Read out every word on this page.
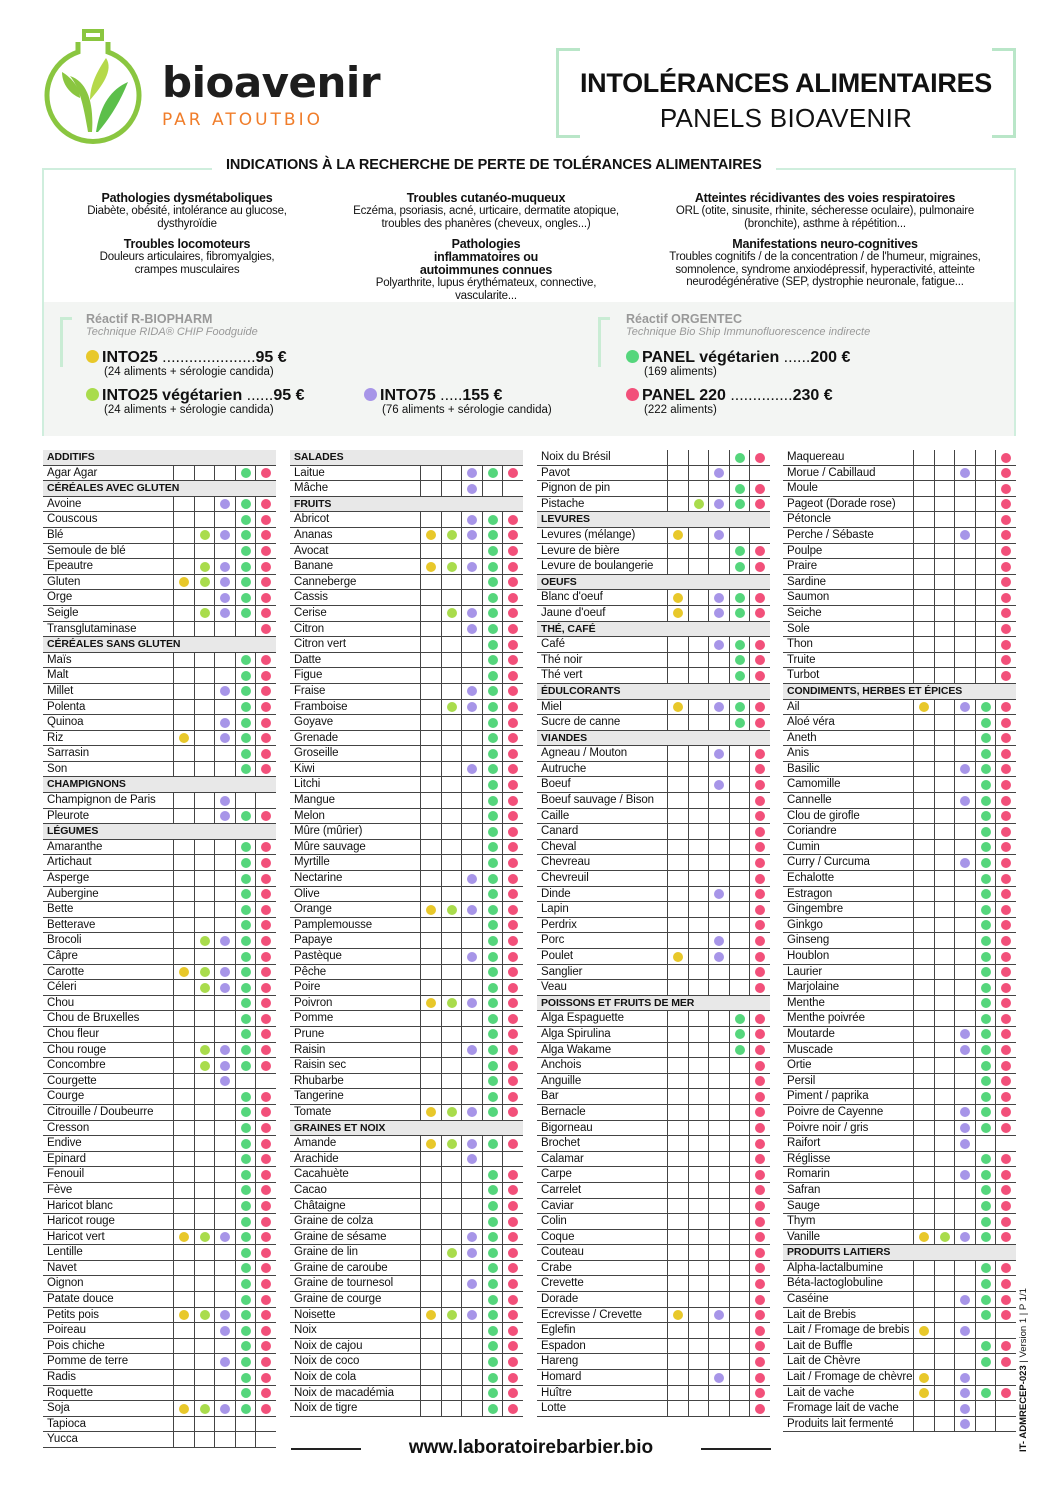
bioavenir
PAR ATOUTBIO
INTOLÉRANCES ALIMENTAIRES
PANELS BIOAVENIR
INDICATIONS À LA RECHERCHE DE PERTE DE TOLÉRANCES ALIMENTAIRES
Pathologies dysmétaboliques
Diabète, obésité, intolérance au glucose, dysthyroïdie
Troubles locomoteurs
Douleurs articulaires, fibromyalgies, crampes musculaires
Troubles cutanéo-muqueux
Eczéma, psoriasis, acné, urticaire, dermatite atopique, troubles des phanères (cheveux, ongles...)
Pathologies inflammatoires ou autoimmunes connues
Polyarthrite, lupus érythémateux, connective, vascularite...
Atteintes récidivantes des voies respiratoires
ORL (otite, sinusite, rhinite, sécheresse oculaire), pulmonaire (bronchite), asthme à répétition...
Manifestations neuro-cognitives
Troubles cognitifs / de la concentration / de l'humeur, migraines, somnolence, syndrome anxiodépressif, hyperactivité, atteinte neurodégénérative (SEP, dystrophie neuronale, fatigue...
Réactif R-BIOPHARM
Technique RIDA® CHIP Foodguide
Réactif ORGENTEC
Technique Bio Ship Immunofluorescence indirecte
INTO25 .....................95 €
(24 aliments + sérologie candida)
INTO25 végétarien ......95 €
(24 aliments + sérologie candida)
INTO75 .....155 €
(76 aliments + sérologie candida)
PANEL végétarien ......200 €
(169 aliments)
PANEL 220 ..............230 €
(222 aliments)
ADDITIFS
Agar Agar
CÉRÉALES AVEC GLUTEN
Avoine
Couscous
Blé
Semoule de blé
Epeautre
Gluten
Orge
Seigle
Transglutaminase
CÉRÉALES SANS GLUTEN
Maïs
Malt
Millet
Polenta
Quinoa
Riz
Sarrasin
Son
CHAMPIGNONS
Champignon de Paris
Pleurote
LÉGUMES
Amaranthe
Artichaut
Asperge
Aubergine
Bette
Betterave
Brocoli
Câpre
Carotte
Céleri
Chou
Chou de Bruxelles
Chou fleur
Chou rouge
Concombre
Courgette
Courge
Citrouille / Doubeurre
Cresson
Endive
Epinard
Fenouil
Fève
Haricot blanc
Haricot rouge
Haricot vert
Lentille
Navet
Oignon
Patate douce
Petits pois
Poireau
Pois chiche
Pomme de terre
Radis
Roquette
Soja
Tapioca
Yucca
SALADES
Laitue
Mâche
FRUITS
Abricot
Ananas
Avocat
Banane
Canneberge
Cassis
Cerise
Citron
Citron vert
Datte
Figue
Fraise
Framboise
Goyave
Grenade
Groseille
Kiwi
Litchi
Mangue
Melon
Mûre (mûrier)
Mûre sauvage
Myrtille
Nectarine
Olive
Orange
Pamplemousse
Papaye
Pastèque
Pêche
Poire
Poivron
Pomme
Prune
Raisin
Raisin sec
Rhubarbe
Tangerine
Tomate
GRAINES ET NOIX
Amande
Arachide
Cacahuète
Cacao
Châtaigne
Graine de colza
Graine de sésame
Graine de lin
Graine de caroube
Graine de tournesol
Graine de courge
Noisette
Noix
Noix de cajou
Noix de coco
Noix de cola
Noix de macadémia
Noix de tigre
Noix du Brésil
Pavot
Pignon de pin
Pistache
LEVURES
Levures (mélange)
Levure de bière
Levure de boulangerie
OEUFS
Blanc d'oeuf
Jaune d'oeuf
THÉ, CAFÉ
Café
Thé noir
Thé vert
ÉDULCORANTS
Miel
Sucre de canne
VIANDES
Agneau / Mouton
Autruche
Boeuf
Boeuf sauvage / Bison
Caille
Canard
Cheval
Chevreau
Chevreuil
Dinde
Lapin
Perdrix
Porc
Poulet
Sanglier
Veau
POISSONS ET FRUITS DE MER
Alga Espaguette
Alga Spirulina
Alga Wakame
Anchois
Anguille
Bar
Bernacle
Bigorneau
Brochet
Calamar
Carpe
Carrelet
Caviar
Colin
Coque
Couteau
Crabe
Crevette
Dorade
Ecrevisse / Crevette
Eglefin
Espadon
Hareng
Homard
Huître
Lotte
Maquereau
Morue / Cabillaud
Moule
Pageot (Dorade rose)
Pétoncle
Perche / Sébaste
Poulpe
Praire
Sardine
Saumon
Seiche
Sole
Thon
Truite
Turbot
CONDIMENTS, HERBES ET ÉPICES
Ail
Aloé véra
Aneth
Anis
Basilic
Camomille
Cannelle
Clou de girofle
Coriandre
Cumin
Curry / Curcuma
Echalotte
Estragon
Gingembre
Ginkgo
Ginseng
Houblon
Laurier
Marjolaine
Menthe
Menthe poivrée
Moutarde
Muscade
Ortie
Persil
Piment / paprika
Poivre de Cayenne
Poivre noir / gris
Raifort
Réglisse
Romarin
Safran
Sauge
Thym
Vanille
PRODUITS LAITIERS
Alpha-lactalbumine
Béta-lactoglobuline
Caséine
Lait de Brebis
Lait / Fromage de brebis
Lait de Buffle
Lait de Chèvre
Lait / Fromage de chèvre
Lait de vache
Fromage lait de vache
Produits lait fermenté
www.laboratoirebarbier.bio	IT- ADMRECEP-023 | Version 1 | P 1/1
